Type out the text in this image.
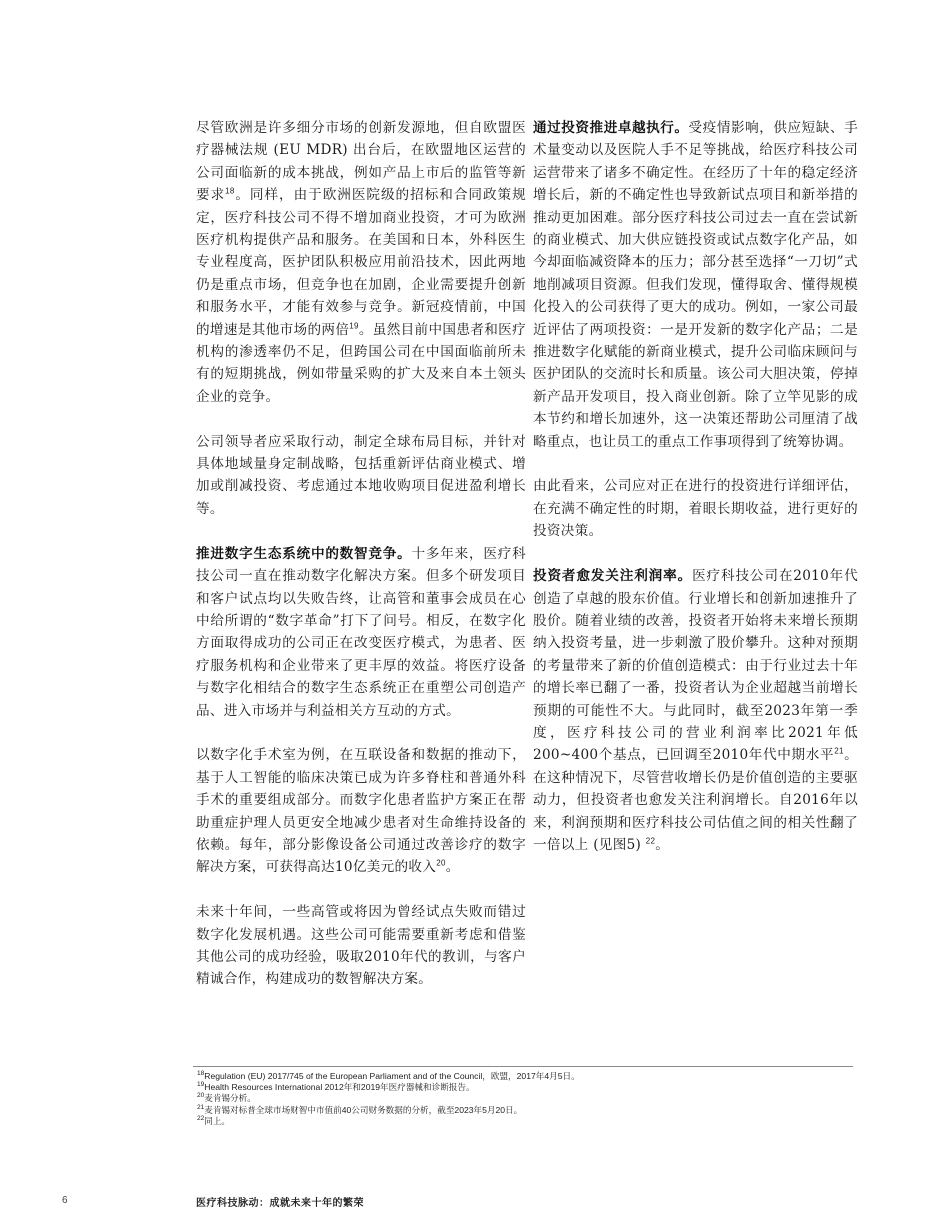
尽管欧洲是许多细分市场的创新发源地，但自欧盟医疗器械法规 (EU MDR) 出台后，在欧盟地区运营的公司面临新的成本挑战，例如产品上市后的监管等新要求$^{18}$。同样，由于欧洲医院级的招标和合同政策规定，医疗科技公司不得不增加商业投资，才可为欧洲医疗机构提供产品和服务。在美国和日本，外科医生专业程度高，医护团队积极应用前沿技术，因此两地仍是重点市场，但竞争也在加剧，企业需要提升创新和服务水平，才能有效参与竞争。新冠疫情前，中国的增速是其他市场的两倍$^{19}$。虽然目前中国患者和医疗机构的渗透率仍不足，但跨国公司在中国面临前所未有的短期挑战，例如带量采购的扩大及来自本土领头企业的竞争。

公司领导者应采取行动，制定全球布局目标，并针对具体地域量身定制战略，包括重新评估商业模式、增加或削减投资、考虑通过本地收购项目促进盈利增长等。

推进数字生态系统中的数智竞争。十多年来，医疗科技公司一直在推动数字化解决方案。但多个研发项目和客户试点均以失败告终，让高管和董事会成员在心中给所谓的“数字革命”打下了问号。相反，在数字化方面取得成功的公司正在改变医疗模式，为患者、医疗服务机构和企业带来了更丰厚的效益。将医疗设备与数字化相结合的数字生态系统正在重塑公司创造产品、进入市场并与利益相关方互动的方式。

以数字化手术室为例，在互联设备和数据的推动下，基于人工智能的临床决策已成为许多脊柱和普通外科手术的重要组成部分。而数字化患者监护方案正在帮助重症护理人员更安全地减少患者对生命维持设备的依赖。每年，部分影像设备公司通过改善诊疗的数字解决方案，可获得高达10亿美元的收入$^{20}$。

未来十年间，一些高管或将因为曾经试点失败而错过数字化发展机遇。这些公司可能需要重新考虑和借鉴其他公司的成功经验，吸取2010年代的教训，与客户精诚合作，构建成功的数智解决方案。

通过投资推进卓越执行。受疫情影响，供应短缺、手术量变动以及医院人手不足等挑战，给医疗科技公司运营带来了诸多不确定性。在经历了十年的稳定经济增长后，新的不确定性也导致新试点项目和新举措的推动更加困难。部分医疗科技公司过去一直在尝试新的商业模式、加大供应链投资或试点数字化产品，如今却面临减资降本的压力；部分甚至选择“一刀切”式地削减项目资源。但我们发现，懂得取舍、懂得规模化投入的公司获得了更大的成功。例如，一家公司最近评估了两项投资：一是开发新的数字化产品；二是推进数字化赋能的新商业模式，提升公司临床顾问与医护团队的交流时长和质量。该公司大胆决策，停掉新产品开发项目，投入商业创新。除了立竿见影的成本节约和增长加速外，这一决策还帮助公司厘清了战略重点，也让员工的重点工作事项得到了统筹协调。

由此看来，公司应对正在进行的投资进行详细评估，在充满不确定性的时期，着眼长期收益，进行更好的投资决策。

投资者愈发关注利润率。医疗科技公司在2010年代创造了卓越的股东价值。行业增长和创新加速推升了股价。随着业绩的改善，投资者开始将未来增长预期纳入投资考量，进一步刺激了股价攀升。这种对预期的考量带来了新的价值创造模式：由于行业过去十年的增长率已翻了一番，投资者认为企业超越当前增长预期的可能性不大。与此同时，截至2023年第一季度，医疗科技公司的营业利润率比2021年低200~400个基点，已回调至2010年代中期水平$^{21}$。在这种情况下，尽管营收增长仍是价值创造的主要驱动力，但投资者也愈发关注利润增长。自2016年以来，利润预期和医疗科技公司估值之间的相关性翻了一倍以上 (见图5) $^{22}$。

$^{18}$Regulation (EU) 2017/745 of the European Parliament and of the Council，欧盟，2017年4月5日。
$^{19}$Health Resources International 2012年和2019年医疗器械和诊断报告。
$^{20}$麦肯锡分析。
$^{21}$麦肯锡对标普全球市场财智中市值前40公司财务数据的分析，截至2023年5月20日。
$^{22}$同上。
6	医疗科技脉动：成就未来十年的繁荣
